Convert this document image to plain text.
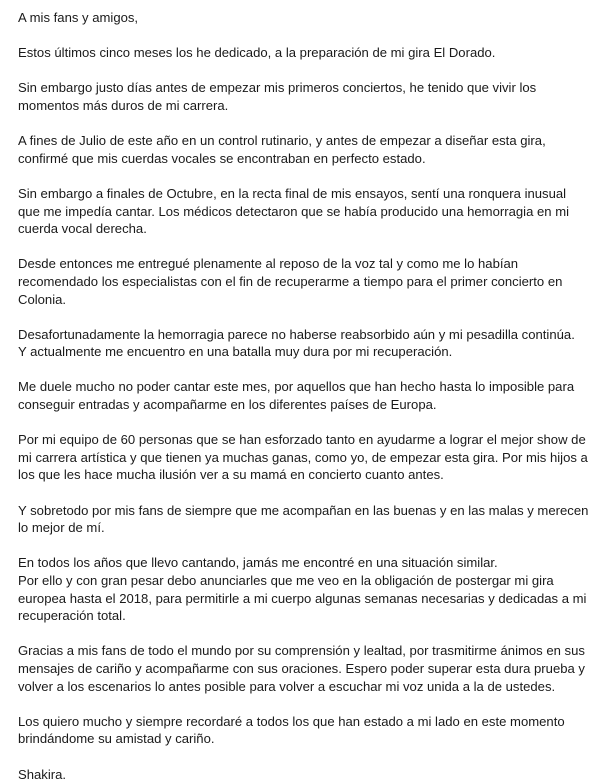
A mis fans y amigos,

Estos últimos cinco meses los he dedicado, a la preparación de mi gira El Dorado.

Sin embargo justo días antes de empezar mis primeros conciertos, he tenido que vivir los
momentos más duros de mi carrera.

A fines de Julio de este año en un control rutinario, y antes de empezar a diseñar esta gira,
confirmé que mis cuerdas vocales se encontraban en perfecto estado.

Sin embargo a finales de Octubre, en la recta final de mis ensayos, sentí una ronquera inusual
que me impedía cantar. Los médicos detectaron que se había producido una hemorragia en mi
cuerda vocal derecha.

Desde entonces me entregué plenamente al reposo de la voz tal y como me lo habían
recomendado los especialistas con el fin de recuperarme a tiempo para el primer concierto en
Colonia.

Desafortunadamente la hemorragia parece no haberse reabsorbido aún y mi pesadilla continúa.
Y actualmente me encuentro en una batalla muy dura por mi recuperación.

Me duele mucho no poder cantar este mes, por aquellos que han hecho hasta lo imposible para
conseguir entradas y acompañarme en los diferentes países de Europa.

Por mi equipo de 60 personas que se han esforzado tanto en ayudarme a lograr el mejor show de
mi carrera artística y que tienen ya muchas ganas, como yo, de empezar esta gira. Por mis hijos a
los que les hace mucha ilusión ver a su mamá en concierto cuanto antes.

Y sobretodo por mis fans de siempre que me acompañan en las buenas y en las malas y merecen
lo mejor de mí.

En todos los años que llevo cantando, jamás me encontré en una situación similar.
Por ello y con gran pesar debo anunciarles que me veo en la obligación de postergar mi gira
europea hasta el 2018, para permitirle a mi cuerpo algunas semanas necesarias y dedicadas a mi
recuperación total.

Gracias a mis fans de todo el mundo por su comprensión y lealtad, por trasmitirme ánimos en sus
mensajes de cariño y acompañarme con sus oraciones. Espero poder superar esta dura prueba y
volver a los escenarios lo antes posible para volver a escuchar mi voz unida a la de ustedes.

Los quiero mucho y siempre recordaré a todos los que han estado a mi lado en este momento
brindándome su amistad y cariño.

Shakira.
